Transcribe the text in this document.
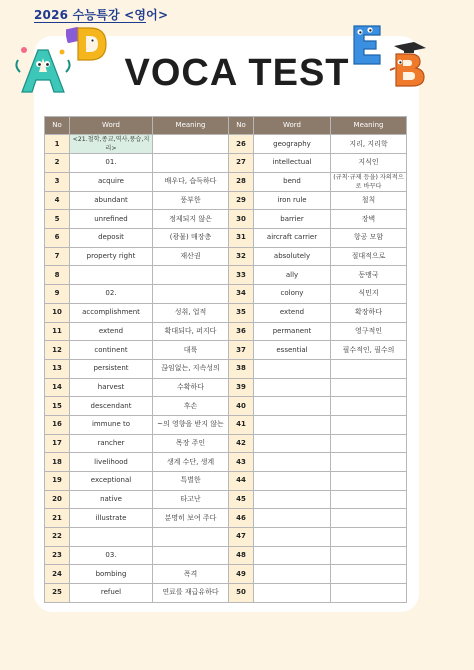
2026 수능특강 <영어>
VOCA TEST
No	Word	Meaning	No	Word	Meaning
1	<21.철학,종교,역사,풍습,지리>		26	geography	지리, 지리학
2	01.		27	intellectual	지식인
3	acquire	배우다, 습득하다	28	bend	(규칙·규제 등을) 자의적으로 바꾸다
4	abundant	풍부한	29	iron rule	철칙
5	unrefined	정제되지 않은	30	barrier	장벽
6	deposit	(광물) 매장층	31	aircraft carrier	항공 모함
7	property right	재산권	32	absolutely	절대적으로
8			33	ally	동맹국
9	02.		34	colony	식민지
10	accomplishment	성취, 업적	35	extend	확장하다
11	extend	확대되다, 퍼지다	36	permanent	영구적인
12	continent	대륙	37	essential	필수적인, 필수의
13	persistent	끊임없는, 지속성의	38		
14	harvest	수확하다	39		
15	descendant	후손	40		
16	immune to	~의 영향을 받지 않는	41		
17	rancher	목장 주인	42		
18	livelihood	생계 수단, 생계	43		
19	exceptional	특별한	44		
20	native	타고난	45		
21	illustrate	분명히 보여 주다	46		
22			47		
23	03.		48		
24	bombing	폭격	49		
25	refuel	연료를 재급유하다	50		
